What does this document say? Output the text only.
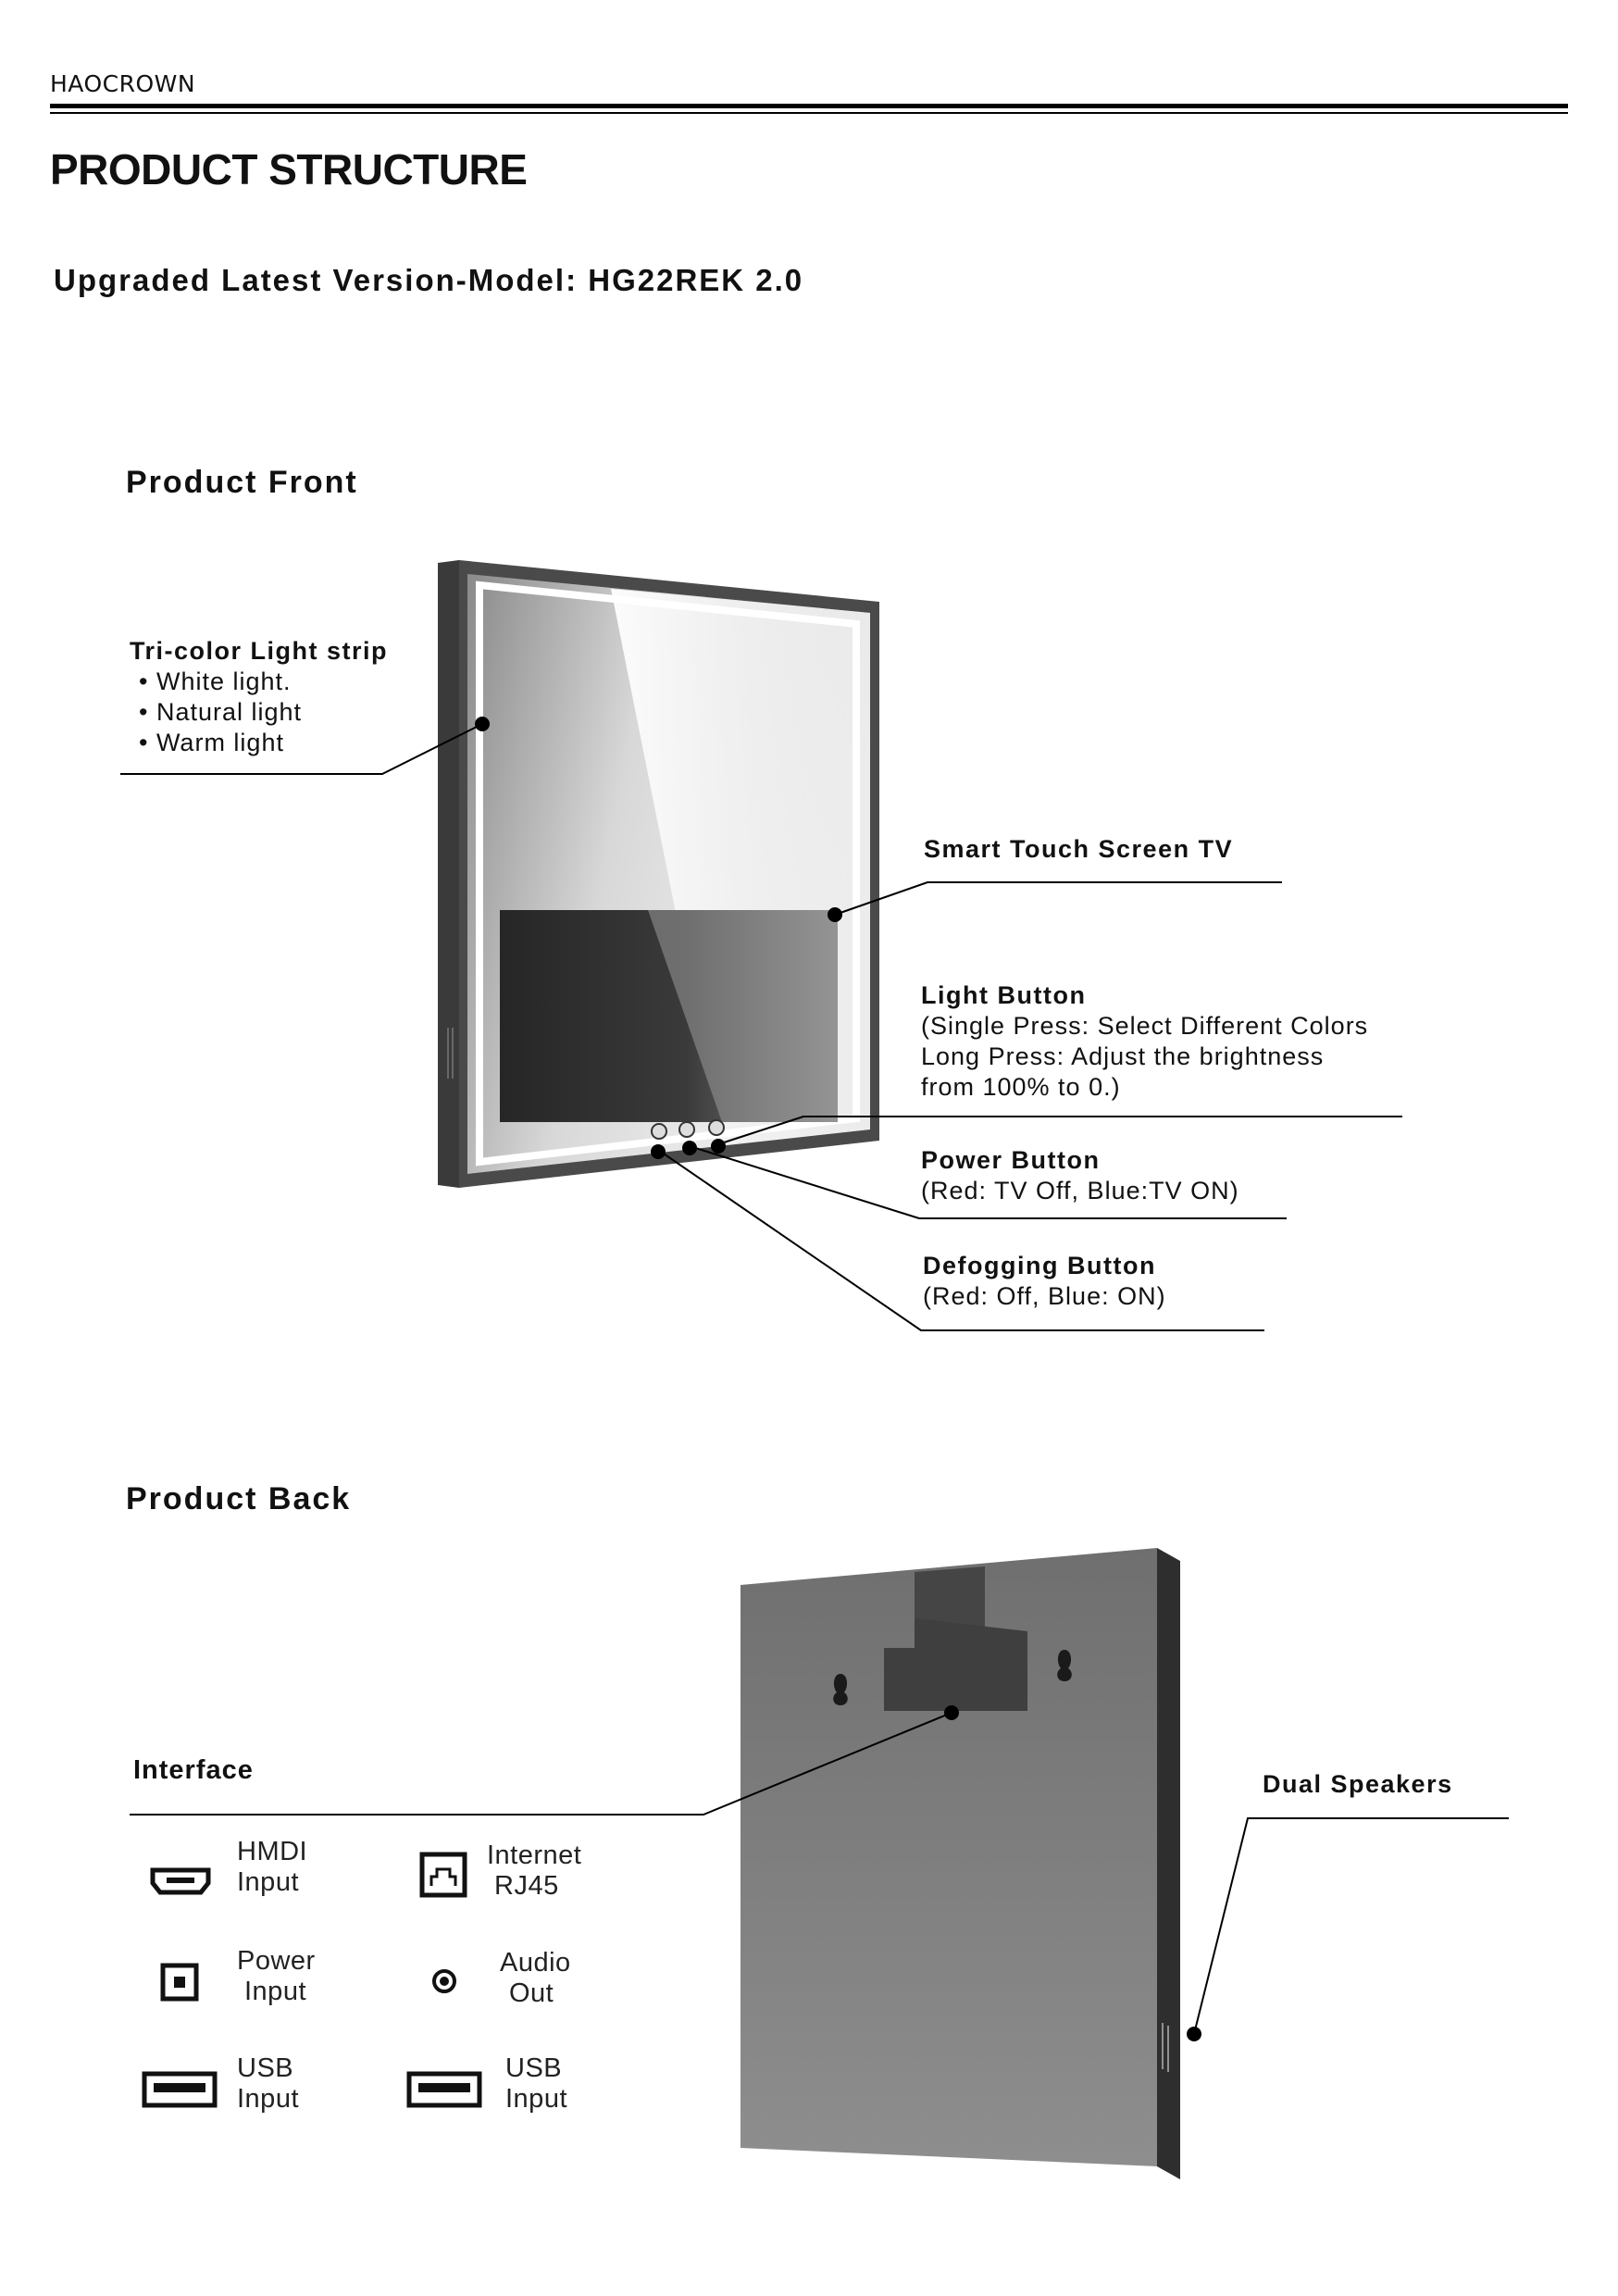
HAOCROWN
PRODUCT STRUCTURE
Upgraded Latest Version-Model: HG22REK 2.0
Product Front
Product Back
Tri-color Light strip
• White light.
• Natural light
• Warm light
Smart Touch Screen TV
Light Button
(Single Press: Select Different Colors
Long Press: Adjust the brightness
from 100% to 0.)
Power Button
(Red: TV Off, Blue:TV ON)
Defogging Button
(Red: Off, Blue: ON)
Interface	Dual Speakers
HMDI
Input
Internet
RJ45
Power
Input
Audio
Out
USB
Input
USB
Input
